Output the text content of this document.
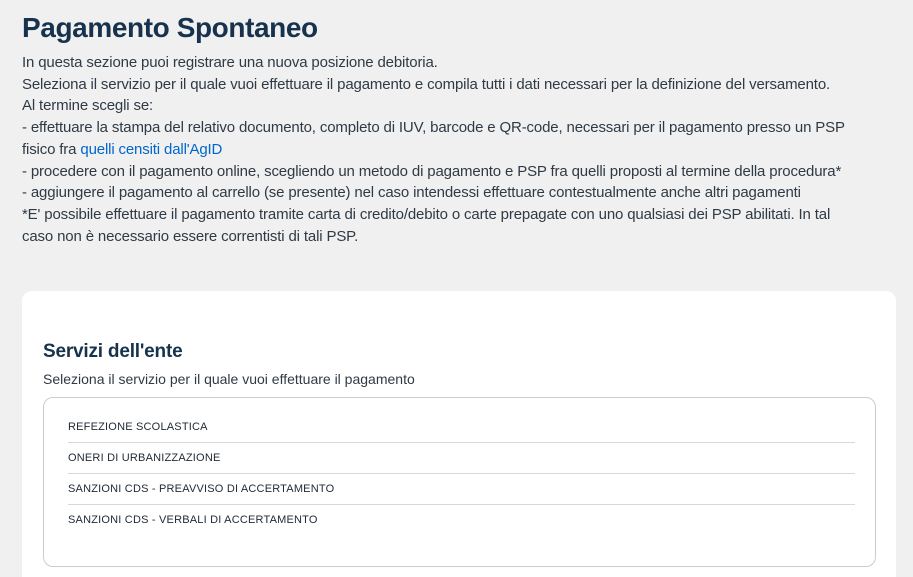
Pagamento Spontaneo
In questa sezione puoi registrare una nuova posizione debitoria.
Seleziona il servizio per il quale vuoi effettuare il pagamento e compila tutti i dati necessari per la definizione del versamento.
Al termine scegli se:
- effettuare la stampa del relativo documento, completo di IUV, barcode e QR-code, necessari per il pagamento presso un PSP
fisico fra quelli censiti dall'AgID
- procedere con il pagamento online, scegliendo un metodo di pagamento e PSP fra quelli proposti al termine della procedura*
- aggiungere il pagamento al carrello (se presente) nel caso intendessi effettuare contestualmente anche altri pagamenti
*E' possibile effettuare il pagamento tramite carta di credito/debito o carte prepagate con uno qualsiasi dei PSP abilitati. In tal
caso non è necessario essere correntisti di tali PSP.
Servizi dell'ente
Seleziona il servizio per il quale vuoi effettuare il pagamento
REFEZIONE SCOLASTICA
ONERI DI URBANIZZAZIONE
SANZIONI CDS - PREAVVISO DI ACCERTAMENTO
SANZIONI CDS - VERBALI DI ACCERTAMENTO
